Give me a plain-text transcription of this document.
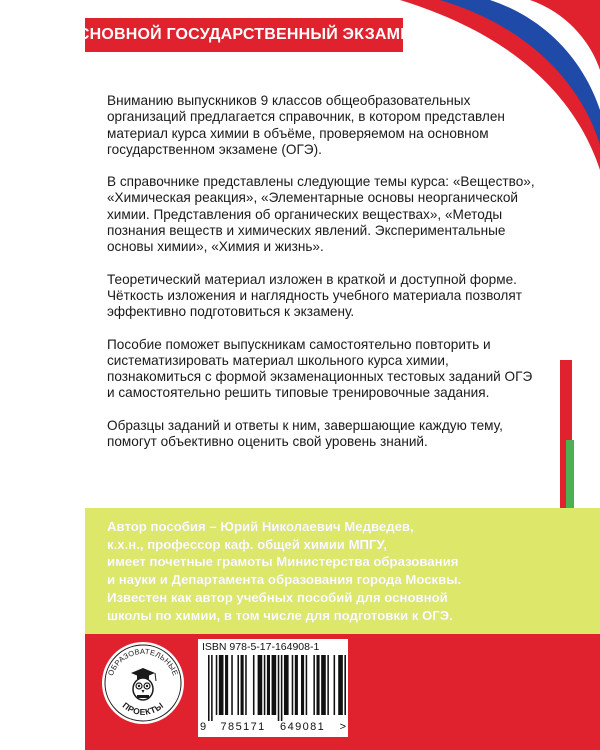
ОСНОВНОЙ ГОСУДАРСТВЕННЫЙ ЭКЗАМЕН

Вниманию выпускников 9 классов общеобразовательных организаций предлагается справочник, в котором представлен материал курса химии в объёме, проверяемом на основном государственном экзамене (ОГЭ).

В справочнике представлены следующие темы курса: «Вещество», «Химическая реакция», «Элементарные основы неорганической химии. Представления об органических веществах», «Методы познания веществ и химических явлений. Экспериментальные основы химии», «Химия и жизнь».

Теоретический материал изложен в краткой и доступной форме. Чёткость изложения и наглядность учебного материала позволят эффективно подготовиться к экзамену.

Пособие поможет выпускникам самостоятельно повторить и систематизировать материал школьного курса химии, познакомиться с формой экзаменационных тестовых заданий ОГЭ и самостоятельно решить типовые тренировочные задания.

Образцы заданий и ответы к ним, завершающие каждую тему, помогут объективно оценить свой уровень знаний.

Автор пособия – Юрий Николаевич Медведев,

к.х.н., профессор каф. общей химии МПГУ,

имеет почетные грамоты Министерства образования

и науки и Департамента образования города Москвы.

Известен как автор учебных пособий для основной

школы по химии, в том числе для подготовки к ОГЭ.

ОБРАЗОВАТЕЛЬНЫЕ
ПРОЕКТЫ
ISBN 978-5-17-164908-1
9 785171 649081 >
